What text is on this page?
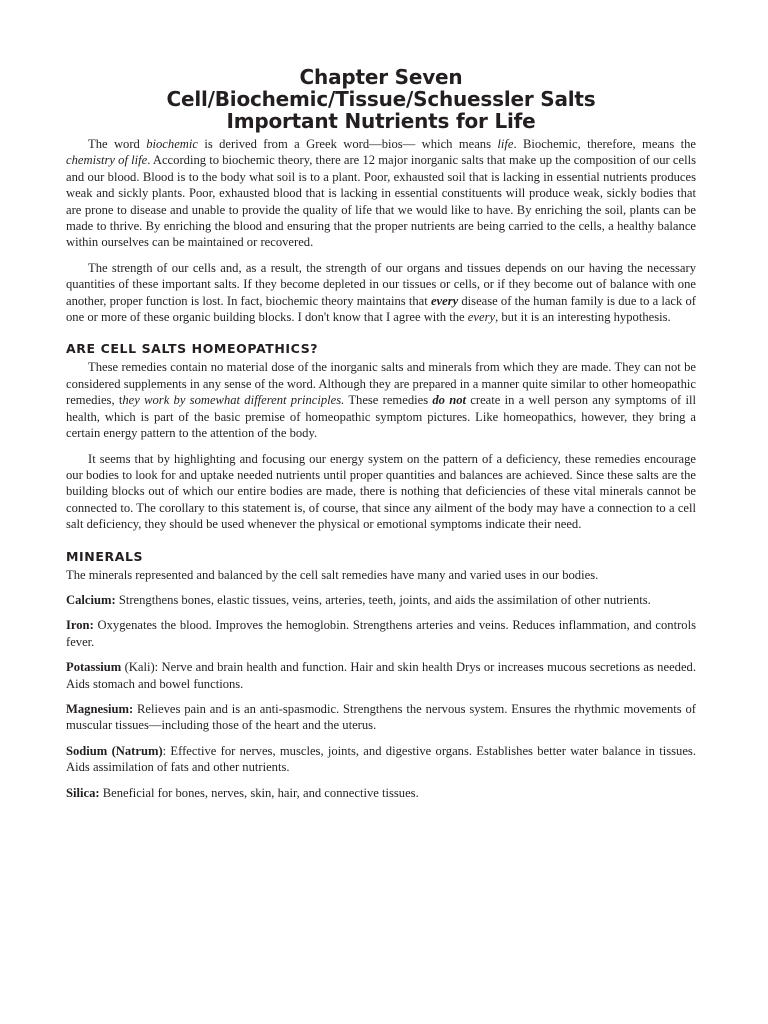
Chapter Seven
Cell/Biochemic/Tissue/Schuessler Salts
Important Nutrients for Life

The word biochemic is derived from a Greek word—bios— which means life. Biochemic, therefore, means the chemistry of life. According to biochemic theory, there are 12 major inorganic salts that make up the composition of our cells and our blood. Blood is to the body what soil is to a plant. Poor, exhausted soil that is lacking in essential nutrients produces weak and sickly plants. Poor, exhausted blood that is lacking in essential constituents will produce weak, sickly bodies that are prone to disease and unable to provide the quality of life that we would like to have. By enriching the soil, plants can be made to thrive. By enriching the blood and ensuring that the proper nutrients are being carried to the cells, a healthy balance within ourselves can be maintained or recovered.

The strength of our cells and, as a result, the strength of our organs and tissues depends on our having the necessary quantities of these important salts. If they become depleted in our tissues or cells, or if they become out of balance with one another, proper function is lost. In fact, biochemic theory maintains that every disease of the human family is due to a lack of one or more of these organic building blocks. I don't know that I agree with the every, but it is an interesting hypothesis.

ARE CELL SALTS HOMEOPATHICS?

These remedies contain no material dose of the inorganic salts and minerals from which they are made. They can not be considered supplements in any sense of the word. Although they are prepared in a manner quite similar to other homeopathic remedies, they work by somewhat different principles. These remedies do not create in a well person any symptoms of ill health, which is part of the basic premise of homeopathic symptom pictures. Like homeopathics, however, they bring a certain energy pattern to the attention of the body.

It seems that by highlighting and focusing our energy system on the pattern of a deficiency, these remedies encourage our bodies to look for and uptake needed nutrients until proper quantities and balances are achieved. Since these salts are the building blocks out of which our entire bodies are made, there is nothing that deficiencies of these vital minerals cannot be connected to. The corollary to this statement is, of course, that since any ailment of the body may have a connection to a cell salt deficiency, they should be used whenever the physical or emotional symptoms indicate their need.

MINERALS

The minerals represented and balanced by the cell salt remedies have many and varied uses in our bodies.

Calcium: Strengthens bones, elastic tissues, veins, arteries, teeth, joints, and aids the assimilation of other nutrients.

Iron: Oxygenates the blood. Improves the hemoglobin. Strengthens arteries and veins. Reduces inflammation, and controls fever.

Potassium (Kali): Nerve and brain health and function. Hair and skin health Drys or increases mucous secretions as needed. Aids stomach and bowel functions.

Magnesium: Relieves pain and is an anti-spasmodic. Strengthens the nervous system. Ensures the rhythmic movements of muscular tissues—including those of the heart and the uterus.

Sodium (Natrum): Effective for nerves, muscles, joints, and digestive organs. Establishes better water balance in tissues. Aids assimilation of fats and other nutrients.

Silica: Beneficial for bones, nerves, skin, hair, and connective tissues.
